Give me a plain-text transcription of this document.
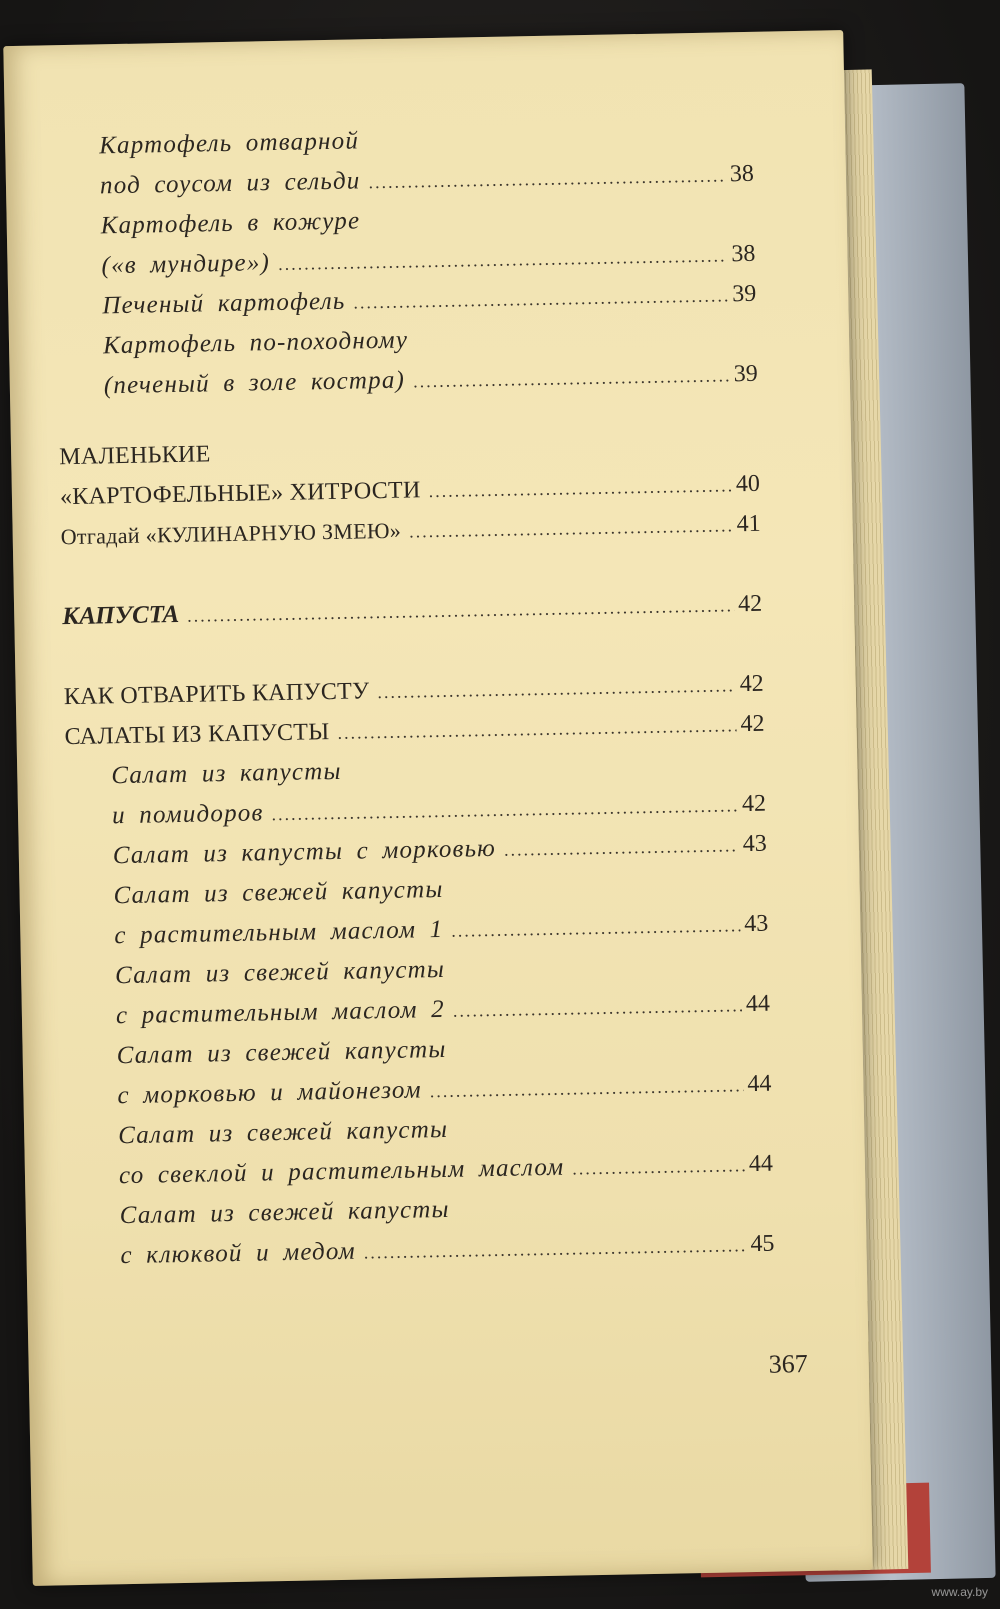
Картофель отварной
под соусом из сельди .....	38
Картофель в кожуре
(«в мундире») .....	38
Печеный картофель .....	39
Картофель по-походному
(печеный в золе костра) .....	39
МАЛЕНЬКИЕ
«КАРТОФЕЛЬНЫЕ» ХИТРОСТИ .....	40
Отгадай «КУЛИНАРНУЮ ЗМЕЮ» .....	41
КАПУСТА .....	42
КАК ОТВАРИТЬ КАПУСТУ .....	42
САЛАТЫ ИЗ КАПУСТЫ .....	42
Салат из капусты
и помидоров .....	42
Салат из капусты с морковью .....	43
Салат из свежей капусты
с растительным маслом 1 .....	43
Салат из свежей капусты
с растительным маслом 2 .....	44
Салат из свежей капусты
с морковью и майонезом .....	44
Салат из свежей капусты
со свеклой и растительным маслом .....	44
Салат из свежей капусты
с клюквой и медом .....	45
367
www.ay.by
